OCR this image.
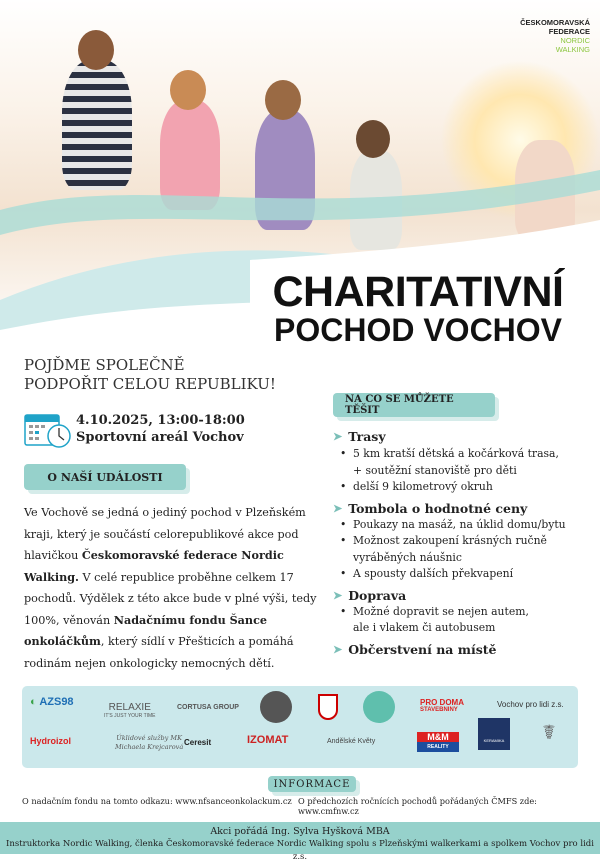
ČESKOMORAVSKÁ
FEDERACE
NORDIC
WALKING
CHARITATIVNÍ
POCHOD VOCHOV
POJĎME SPOLEČNĚ
PODPOŘIT CELOU REPUBLIKU!
4.10.2025, 13:00-18:00
Sportovní areál Vochov
O NAŠÍ UDÁLOSTI
Ve Vochově se jedná o jediný pochod v Plzeňském kraji, který je součástí celorepublikové akce pod hlavičkou Českomoravské federace Nordic Walking. V celé republice proběhne celkem 17 pochodů. Výdělek z této akce bude v plné výši, tedy 100%, věnován Nadačnímu fondu Šance onkoláčkům, který sídlí v Přešticích a pomáhá rodinám nejen onkologicky nemocných dětí.
NA CO SE MŮŽETE TĚŠIT
➤ Trasy
• 5 km kratší dětská a kočárková trasa,
+ soutěžní stanoviště pro děti
• delší 9 kilometrový okruh
➤ Tombola o hodnotné ceny
• Poukazy na masáž, na úklid domu/bytu
• Možnost zakoupení krásných ručně
vyráběných náušnic
• A spousty dalších překvapení
➤ Doprava
• Možné dopravit se nejen autem,
ale i vlakem či autobusem
➤ Občerstvení na místě
◐ AZS98	RELAXIE
IT'S JUST YOUR TIME
CORTUSA GROUP
PRO DOMA
STAVEBNINY
Vochov pro lidi z.s.
Hydroizol	Úklidové služby MK
Michaela Krejcarová Ceresit	IZOMAT	Andělské Květy	M&M
REALITY
KERAMIKA	☤
INFORMACE
O nadačním fondu na tomto odkazu: www.nfsanceonkolackum.cz O předchozích ročnících pochodů pořádaných ČMFS zde: www.cmfnw.cz
Akci pořádá Ing. Sylva Hyšková MBA
Instruktorka Nordic Walking, členka Českomoravské federace Nordic Walking spolu s Plzeňskými walkerkami a spolkem Vochov pro lidi z.s.
